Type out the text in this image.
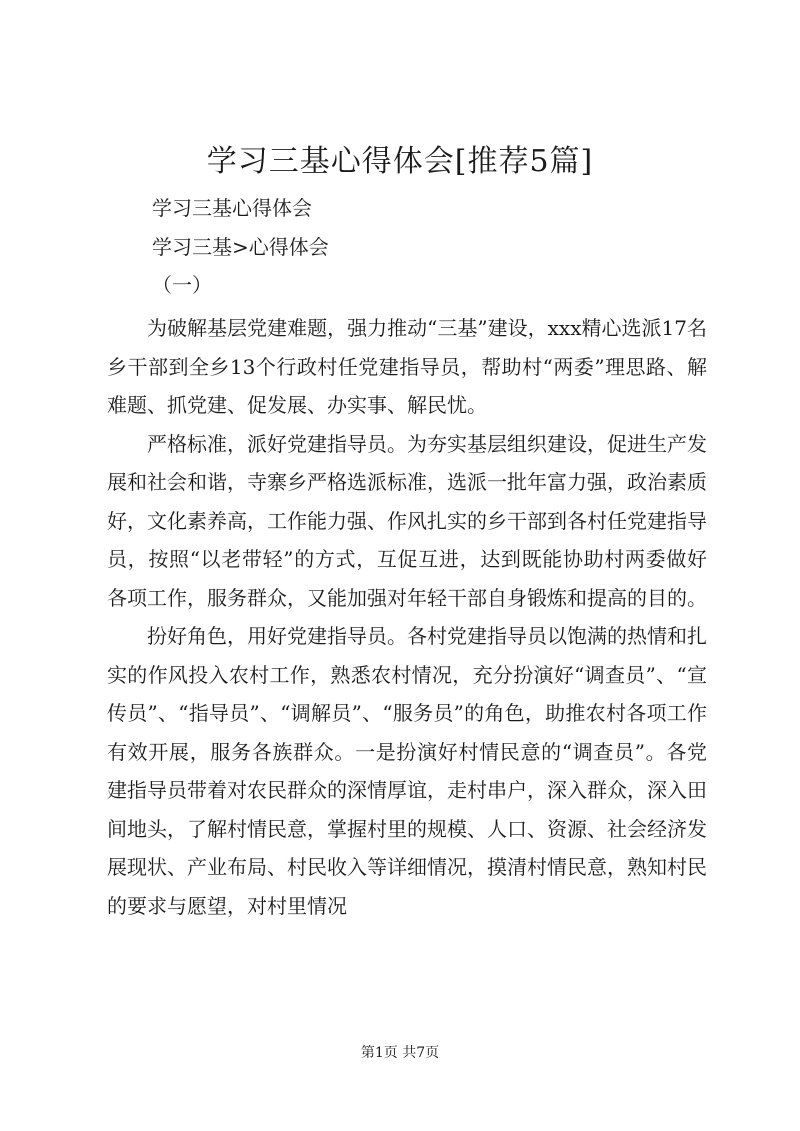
学习三基心得体会[推荐5篇]
学习三基心得体会
学习三基>心得体会
（一）

为破解基层党建难题，强力推动“三基”建设，xxx精心选派17名乡干部到全乡13个行政村任党建指导员，帮助村“两委”理思路、解难题、抓党建、促发展、办实事、解民忧。

严格标准，派好党建指导员。为夯实基层组织建设，促进生产发展和社会和谐，寺寨乡严格选派标准，选派一批年富力强，政治素质好，文化素养高，工作能力强、作风扎实的乡干部到各村任党建指导员，按照“以老带轻”的方式，互促互进，达到既能协助村两委做好各项工作，服务群众，又能加强对年轻干部自身锻炼和提高的目的。

扮好角色，用好党建指导员。各村党建指导员以饱满的热情和扎实的作风投入农村工作，熟悉农村情况，充分扮演好“调查员”、“宣传员”、“指导员”、“调解员”、“服务员”的角色，助推农村各项工作有效开展，服务各族群众。一是扮演好村情民意的“调查员”。各党建指导员带着对农民群众的深情厚谊，走村串户，深入群众，深入田间地头，了解村情民意，掌握村里的规模、人口、资源、社会经济发展现状、产业布局、村民收入等详细情况，摸清村情民意，熟知村民的要求与愿望，对村里情况

第1页 共7页
